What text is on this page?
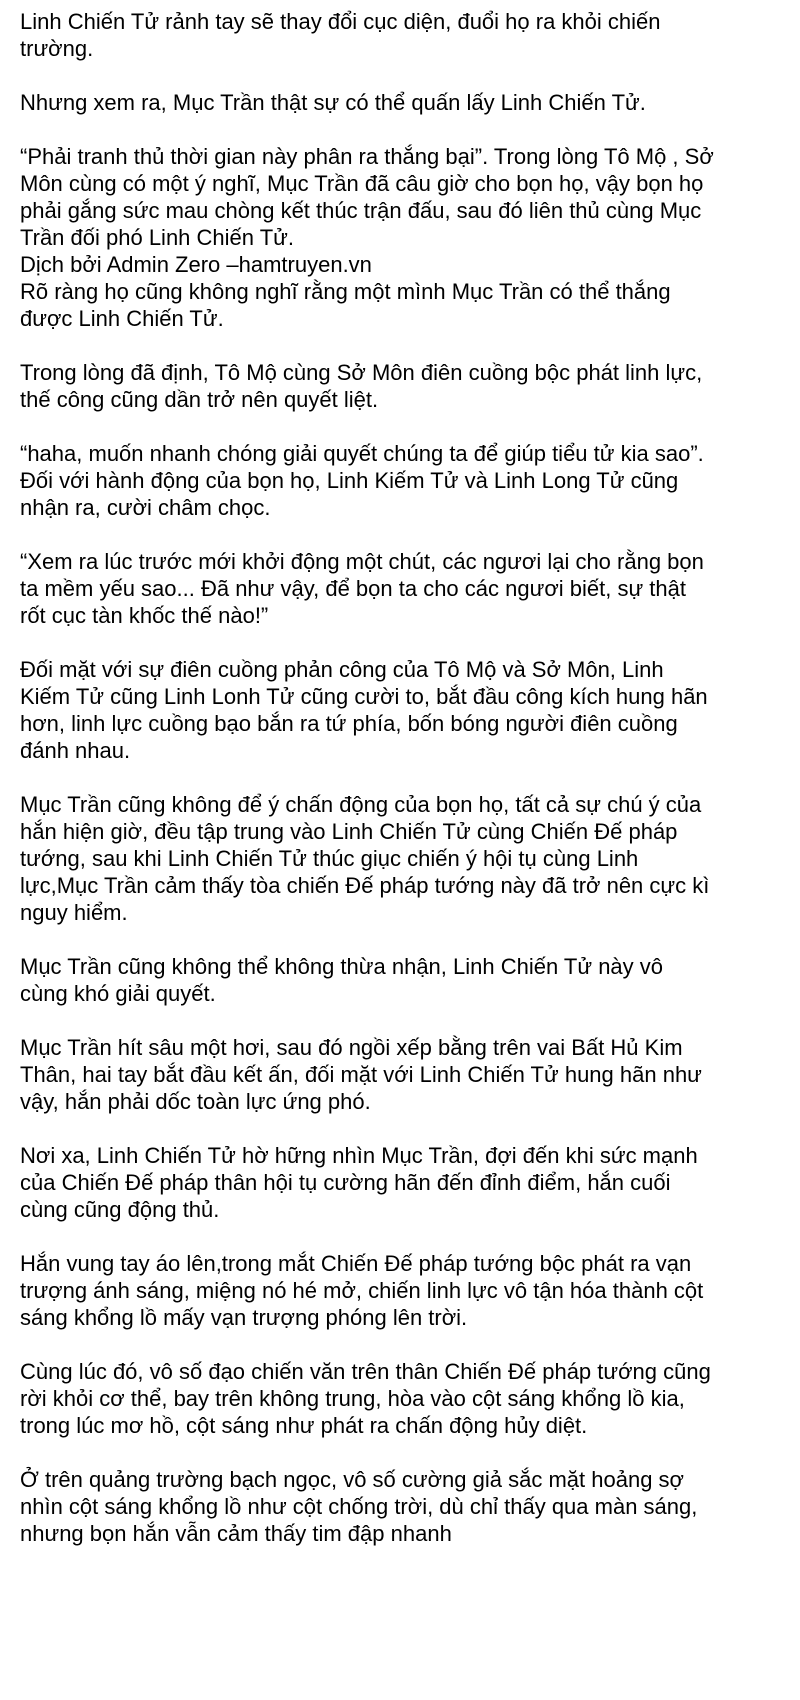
Linh Chiến Tử rảnh tay sẽ thay đổi cục diện, đuổi họ ra khỏi chiến
trường.

Nhưng xem ra, Mục Trần thật sự có thể quấn lấy Linh Chiến Tử.

“Phải tranh thủ thời gian này phân ra thắng bại”. Trong lòng Tô Mộ , Sở
Môn cùng có một ý nghĩ, Mục Trần đã câu giờ cho bọn họ, vậy bọn họ
phải gắng sức mau chòng kết thúc trận đấu, sau đó liên thủ cùng Mục
Trần đối phó Linh Chiến Tử.
Dịch bởi Admin Zero –hamtruyen.vn
Rõ ràng họ cũng không nghĩ rằng một mình Mục Trần có thể thắng
được Linh Chiến Tử.

Trong lòng đã định, Tô Mộ cùng Sở Môn điên cuồng bộc phát linh lực,
thế công cũng dần trở nên quyết liệt.

“haha, muốn nhanh chóng giải quyết chúng ta để giúp tiểu tử kia sao”.
Đối với hành động của bọn họ, Linh Kiếm Tử và Linh Long Tử cũng
nhận ra, cười châm chọc.

“Xem ra lúc trước mới khởi động một chút, các ngươi lại cho rằng bọn
ta mềm yếu sao... Đã như vậy, để bọn ta cho các ngươi biết, sự thật
rốt cục tàn khốc thế nào!”

Đối mặt với sự điên cuồng phản công của Tô Mộ và Sở Môn, Linh
Kiếm Tử cũng Linh Lonh Tử cũng cười to, bắt đầu công kích hung hãn
hơn, linh lực cuồng bạo bắn ra tứ phía, bốn bóng người điên cuồng
đánh nhau.

Mục Trần cũng không để ý chấn động của bọn họ, tất cả sự chú ý của
hắn hiện giờ, đều tập trung vào Linh Chiến Tử cùng Chiến Đế pháp
tướng, sau khi Linh Chiến Tử thúc giục chiến ý hội tụ cùng Linh
lực,Mục Trần cảm thấy tòa chiến Đế pháp tướng này đã trở nên cực kì
nguy hiểm.

Mục Trần cũng không thể không thừa nhận, Linh Chiến Tử này vô
cùng khó giải quyết.

Mục Trần hít sâu một hơi, sau đó ngồi xếp bằng trên vai Bất Hủ Kim
Thân, hai tay bắt đầu kết ấn, đối mặt với Linh Chiến Tử hung hãn như
vậy, hắn phải dốc toàn lực ứng phó.

Nơi xa, Linh Chiến Tử hờ hững nhìn Mục Trần, đợi đến khi sức mạnh
của Chiến Đế pháp thân hội tụ cường hãn đến đỉnh điểm, hắn cuối
cùng cũng động thủ.

Hắn vung tay áo lên,trong mắt Chiến Đế pháp tướng bộc phát ra vạn
trượng ánh sáng, miệng nó hé mở, chiến linh lực vô tận hóa thành cột
sáng khổng lồ mấy vạn trượng phóng lên trời.

Cùng lúc đó, vô số đạo chiến văn trên thân Chiến Đế pháp tướng cũng
rời khỏi cơ thể, bay trên không trung, hòa vào cột sáng khổng lồ kia,
trong lúc mơ hồ, cột sáng như phát ra chấn động hủy diệt.

Ở trên quảng trường bạch ngọc, vô số cường giả sắc mặt hoảng sợ
nhìn cột sáng khổng lồ như cột chống trời, dù chỉ thấy qua màn sáng,
nhưng bọn hắn vẫn cảm thấy tim đập nhanh
